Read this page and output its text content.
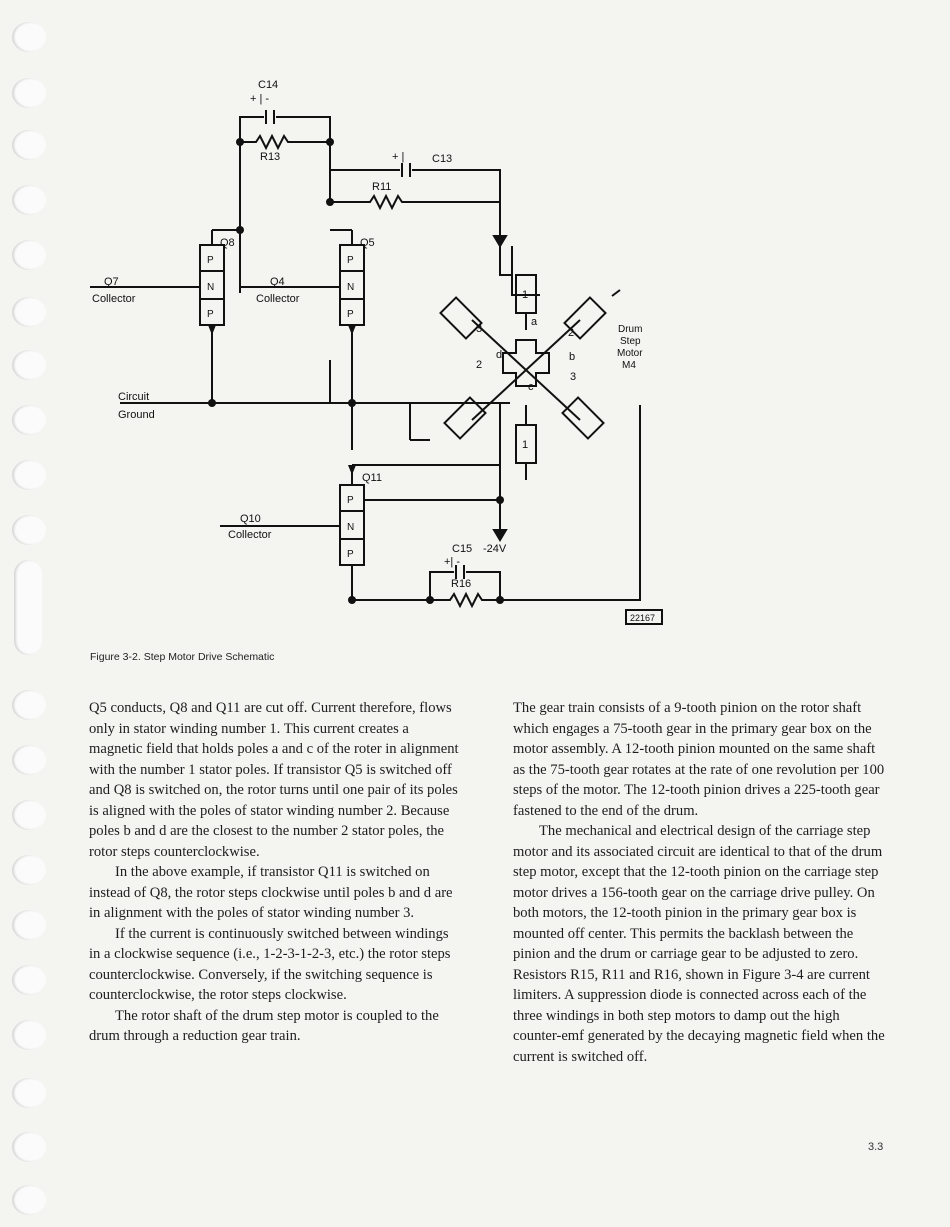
C14
+ | -
R13	C13
+ |
R11
Q8	Q5
Q7
Collector
Q4
Collector
Circuit
Ground
Q11
Q10
Collector
C15
+| -
-24V
R16
a
b
c
d
1
1
2
2
3
3
Drum
Step
Motor
M4
22167
P
N
P
P
N
P
P
N
P
Figure 3-2. Step Motor Drive Schematic

Q5 conducts, Q8 and Q11 are cut off. Current therefore, flows only in stator winding number 1. This current creates a magnetic field that holds poles a and c of the roter in alignment with the number 1 stator poles. If transistor Q5 is switched off and Q8 is switched on, the rotor turns until one pair of its poles is aligned with the poles of stator winding number 2. Because poles b and d are the closest to the number 2 stator poles, the rotor steps counterclockwise.

In the above example, if transistor Q11 is switched on instead of Q8, the rotor steps clockwise until poles b and d are in alignment with the poles of stator winding number 3.

If the current is continuously switched between windings in a clockwise sequence (i.e., 1-2-3-1-2-3, etc.) the rotor steps counterclockwise. Conversely, if the switching sequence is counterclockwise, the rotor steps clockwise.

The rotor shaft of the drum step motor is coupled to the drum through a reduction gear train.

The gear train consists of a 9-tooth pinion on the rotor shaft which engages a 75-tooth gear in the primary gear box on the motor assembly. A 12-tooth pinion mounted on the same shaft as the 75-tooth gear rotates at the rate of one revolution per 100 steps of the motor. The 12-tooth pinion drives a 225-tooth gear fastened to the end of the drum.

The mechanical and electrical design of the carriage step motor and its associated circuit are identical to that of the drum step motor, except that the 12-tooth pinion on the carriage step motor drives a 156-tooth gear on the carriage drive pulley. On both motors, the 12-tooth pinion in the primary gear box is mounted off center. This permits the backlash between the pinion and the drum or carriage gear to be adjusted to zero. Resistors R15, R11 and R16, shown in Figure 3-4 are current limiters. A suppression diode is connected across each of the three windings in both step motors to damp out the high counter-emf generated by the decaying magnetic field when the current is switched off.

3.3
